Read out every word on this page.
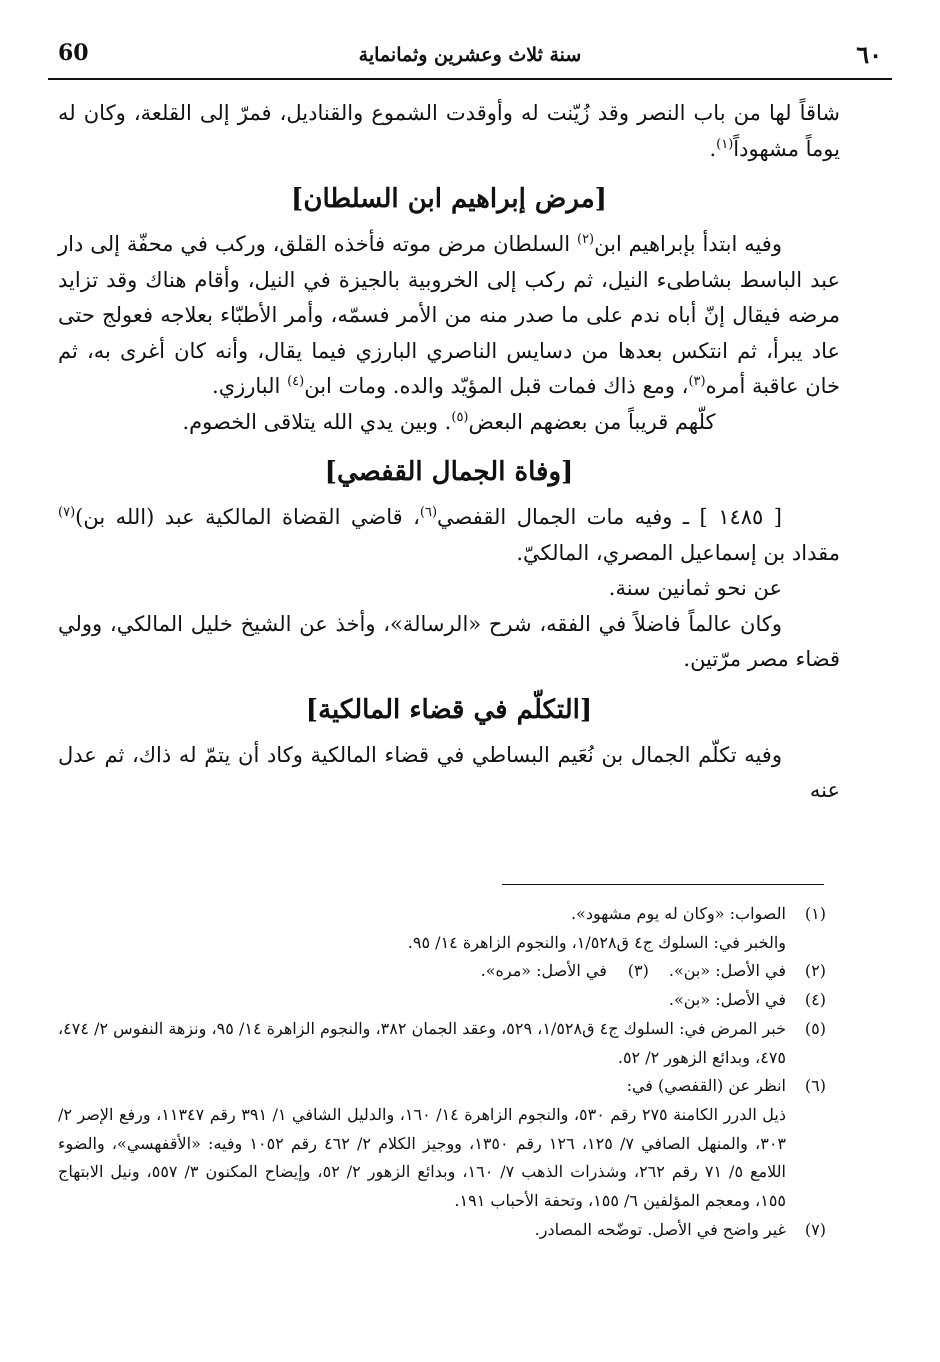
60	سنة ثلاث وعشرين وثمانماية	٦٠

شاقاً لها من باب النصر وقد زُيّنت له وأوقدت الشموع والقناديل، فمرّ إلى القلعة، وكان له يوماً مشهوداً$^{(١)}$.

[مرض إبراهيم ابن السلطان]

وفيه ابتدأ بإبراهيم ابن$^{(٢)}$ السلطان مرض موته فأخذه القلق، وركب في محفّة إلى دار عبد الباسط بشاطىء النيل، ثم ركب إلى الخروبية بالجيزة في النيل، وأقام هناك وقد تزايد مرضه فيقال إنّ أباه ندم على ما صدر منه من الأمر فسمّه، وأمر الأطبّاء بعلاجه فعولج حتى عاد يبرأ، ثم انتكس بعدها من دسايس الناصري البارزي فيما يقال، وأنه كان أغرى به، ثم خان عاقبة أمره$^{(٣)}$، ومع ذاك فمات قبل المؤيّد والده. ومات ابن$^{(٤)}$ البارزي.

كلّهم قريباً من بعضهم البعض$^{(٥)}$. وبين يدي الله يتلاقى الخصوم.

[وفاة الجمال القفصي]

[ ١٤٨٥ ] ـ وفيه مات الجمال القفصي$^{(٦)}$، قاضي القضاة المالكية عبد (الله بن)$^{(٧)}$ مقداد بن إسماعيل المصري، المالكيّ.

عن نحو ثمانين سنة.

وكان عالماً فاضلاً في الفقه، شرح «الرسالة»، وأخذ عن الشيخ خليل المالكي، وولي قضاء مصر مرّتين.

[التكلّم في قضاء المالكية]

وفيه تكلّم الجمال بن نُعَيم البساطي في قضاء المالكية وكاد أن يتمّ له ذاك، ثم عدل عنه

(١)
الصواب: «وكان له يوم مشهود».
والخبر في: السلوك ج٤ ق١/٥٢٨، والنجوم الزاهرة ١٤/ ٩٥.
(٢)
في الأصل: «بن».
(٣)
في الأصل: «مره».
(٤)
في الأصل: «بن».
(٥)
خبر المرض في: السلوك ج٤ ق١/٥٢٨، ٥٢٩، وعقد الجمان ٣٨٢، والنجوم الزاهرة ١٤/ ٩٥، ونزهة النفوس ٢/ ٤٧٤، ٤٧٥، وبدائع الزهور ٢/ ٥٢.
(٦)
انظر عن (القفصي) في:
ذيل الدرر الكامنة ٢٧٥ رقم ٥٣٠، والنجوم الزاهرة ١٤/ ١٦٠، والدليل الشافي ١/ ٣٩١ رقم ١١٣٤٧، ورفع الإصر ٢/ ٣٠٣، والمنهل الصافي ٧/ ١٢٥، ١٢٦ رقم ١٣٥٠، ووجيز الكلام ٢/ ٤٦٢ رقم ١٠٥٢ وفيه: «الأقفهسي»، والضوء اللامع ٥/ ٧١ رقم ٢٦٢، وشذرات الذهب ٧/ ١٦٠، وبدائع الزهور ٢/ ٥٢، وإيضاح المكنون ٣/ ٥٥٧، ونيل الابتهاج ١٥٥، ومعجم المؤلفين ٦/ ١٥٥، وتحفة الأحباب ١٩١.
(٧)
غير واضح في الأصل. توضّحه المصادر.
